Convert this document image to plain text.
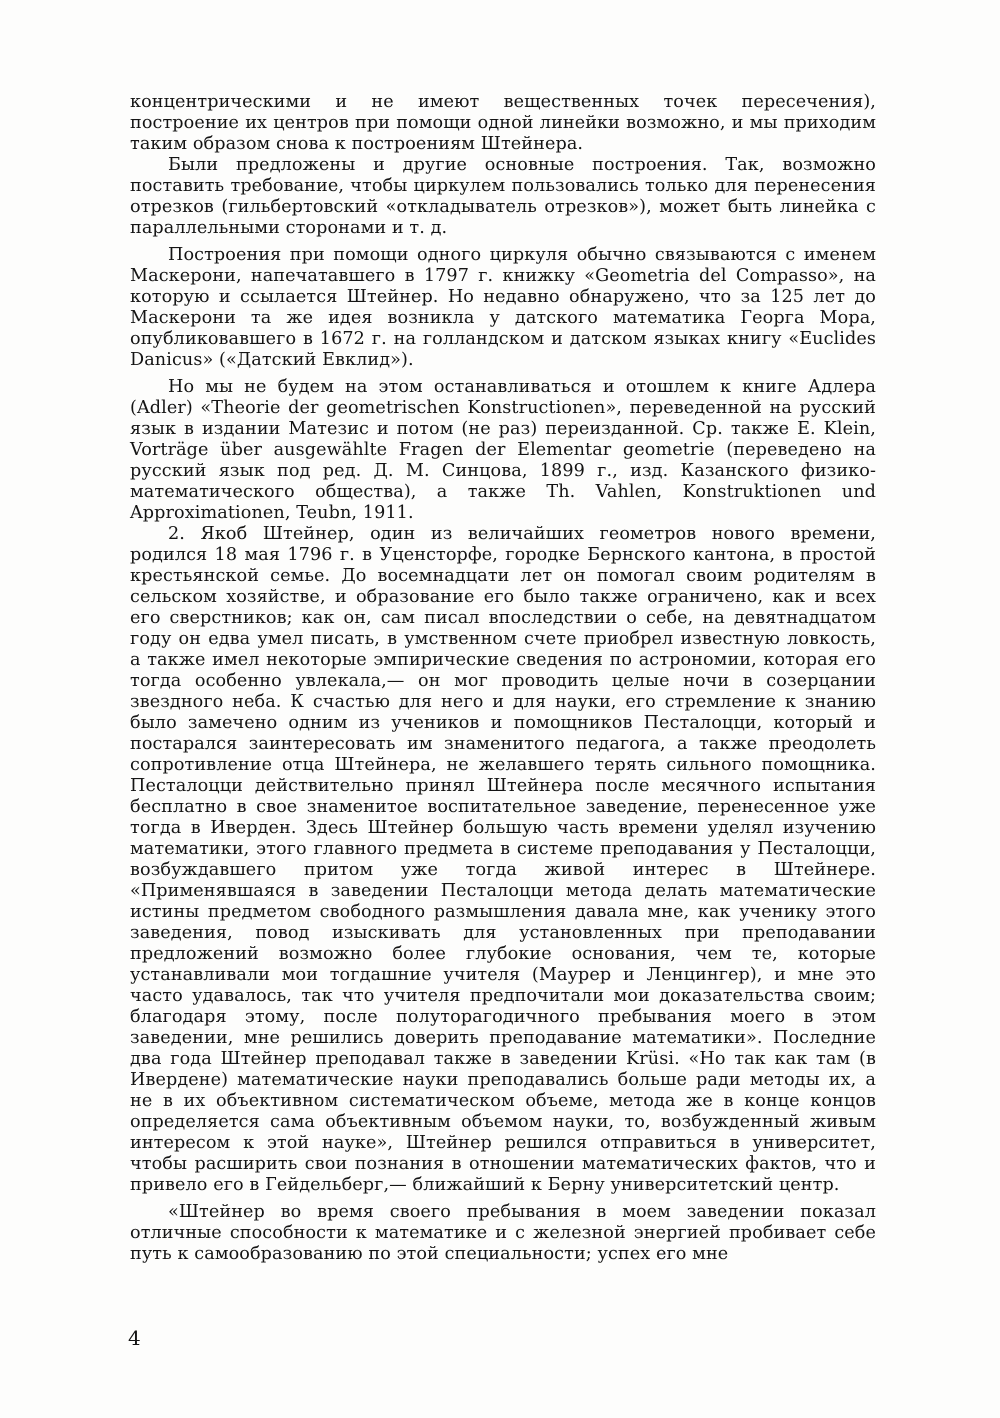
концентрическими и не имеют вещественных точек пересечения), построение их центров при помощи одной линейки возможно, и мы приходим таким образом снова к построениям Штейнера.

Были предложены и другие основные построения. Так, возможно поставить требование, чтобы циркулем пользовались только для перенесения отрезков (гильбертовский «откладыватель отрезков»), может быть линейка с параллельными сторонами и т. д.

Построения при помощи одного циркуля обычно связываются с именем Маскерони, напечатавшего в 1797 г. книжку «Geometria del Compasso», на которую и ссылается Штейнер. Но недавно обнаружено, что за 125 лет до Маскерони та же идея возникла у датского математика Георга Мора, опубликовавшего в 1672 г. на голландском и датском языках книгу «Euclides Danicus» («Датский Евклид»).

Но мы не будем на этом останавливаться и отошлем к книге Адлера (Adler) «Theorie der geometrischen Konstructionen», переведенной на русский язык в издании Матезис и потом (не раз) переизданной. Ср. также E. Klein, Vorträge über ausgewählte Fragen der Elementar geometrie (переведено на русский язык под ред. Д. М. Синцова, 1899 г., изд. Казанского физико-математического общества), а также Th. Vahlen, Konstruktionen und Approximationen, Teubn, 1911.

2. Якоб Штейнер, один из величайших геометров нового времени, родился 18 мая 1796 г. в Уценсторфе, городке Бернского кантона, в простой крестьянской семье. До восемнадцати лет он помогал своим родителям в сельском хозяйстве, и образование его было также ограничено, как и всех его сверстников; как он, сам писал впоследствии о себе, на девятнадцатом году он едва умел писать, в умственном счете приобрел известную ловкость, а также имел некоторые эмпирические сведения по астрономии, которая его тогда особенно увлекала,— он мог проводить целые ночи в созерцании звездного неба. К счастью для него и для науки, его стремление к знанию было замечено одним из учеников и помощников Песталоцци, который и постарался заинтересовать им знаменитого педагога, а также преодолеть сопротивление отца Штейнера, не желавшего терять сильного помощника. Песталоцци действительно принял Штейнера после месячного испытания бесплатно в свое знаменитое воспитательное заведение, перенесенное уже тогда в Иверден. Здесь Штейнер большую часть времени уделял изучению математики, этого главного предмета в системе преподавания у Песталоцци, возбуждавшего притом уже тогда живой интерес в Штейнере. «Применявшаяся в заведении Песталоцци метода делать математические истины предметом свободного размышления давала мне, как ученику этого заведения, повод изыскивать для установленных при преподавании предложений возможно более глубокие основания, чем те, которые устанавливали мои тогдашние учителя (Маурер и Ленцингер), и мне это часто удавалось, так что учителя предпочитали мои доказательства своим; благодаря этому, после полуторагодичного пребывания моего в этом заведении, мне решились доверить преподавание математики». Последние два года Штейнер преподавал также в заведении Krüsi. «Но так как там (в Ивердене) математические науки преподавались больше ради методы их, а не в их объективном систематическом объеме, метода же в конце концов определяется сама объективным объемом науки, то, возбужденный живым интересом к этой науке», Штейнер решился отправиться в университет, чтобы расширить свои познания в отношении математических фактов, что и привело его в Гейдельберг,— ближайший к Берну университетский центр.

«Штейнер во время своего пребывания в моем заведении показал отличные способности к математике и с железной энергией пробивает себе путь к самообразованию по этой специальности; успех его мне

4
